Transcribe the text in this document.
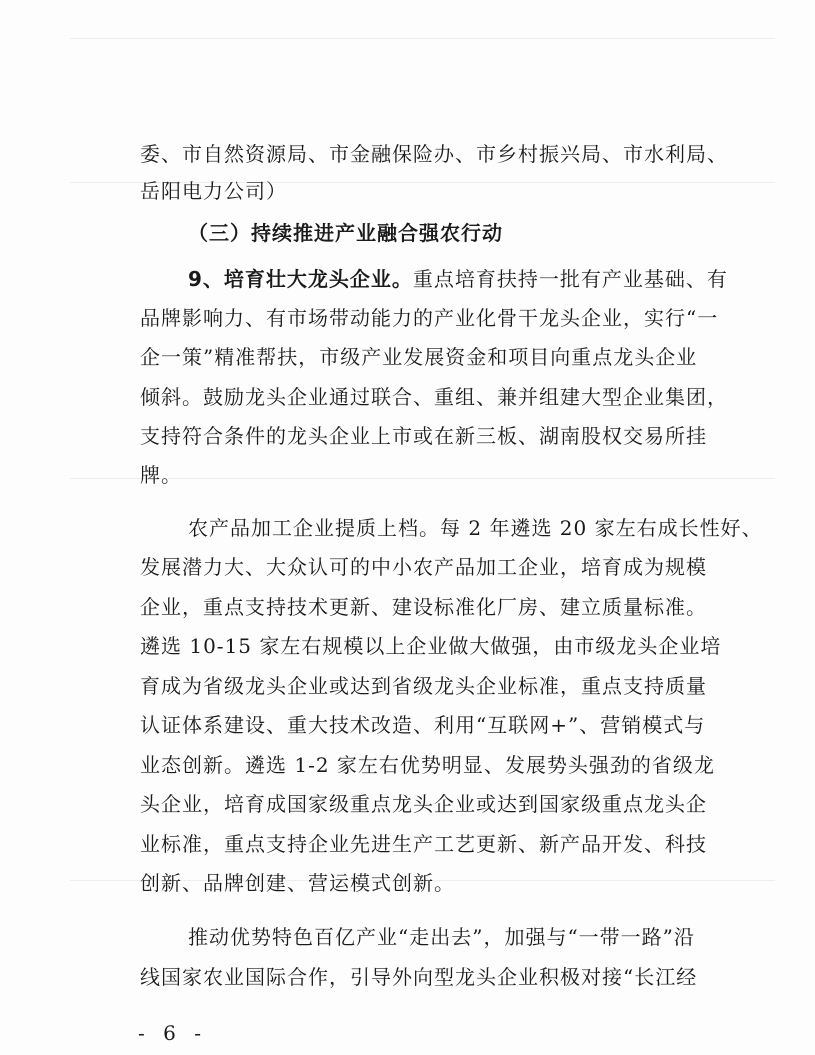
委、市自然资源局、市金融保险办、市乡村振兴局、市水利局、
岳阳电力公司）
（三）持续推进产业融合强农行动
9、培育壮大龙头企业。重点培育扶持一批有产业基础、有
品牌影响力、有市场带动能力的产业化骨干龙头企业，实行“一
企一策”精准帮扶，市级产业发展资金和项目向重点龙头企业
倾斜。鼓励龙头企业通过联合、重组、兼并组建大型企业集团，
支持符合条件的龙头企业上市或在新三板、湖南股权交易所挂
牌。
农产品加工企业提质上档。每 2 年遴选 20 家左右成长性好、
发展潜力大、大众认可的中小农产品加工企业，培育成为规模
企业，重点支持技术更新、建设标准化厂房、建立质量标准。
遴选 10-15 家左右规模以上企业做大做强，由市级龙头企业培
育成为省级龙头企业或达到省级龙头企业标准，重点支持质量
认证体系建设、重大技术改造、利用“互联网+”、营销模式与
业态创新。遴选 1-2 家左右优势明显、发展势头强劲的省级龙
头企业，培育成国家级重点龙头企业或达到国家级重点龙头企
业标准，重点支持企业先进生产工艺更新、新产品开发、科技
创新、品牌创建、营运模式创新。
推动优势特色百亿产业“走出去”，加强与“一带一路”沿
线国家农业国际合作，引导外向型龙头企业积极对接“长江经
- 6 -
